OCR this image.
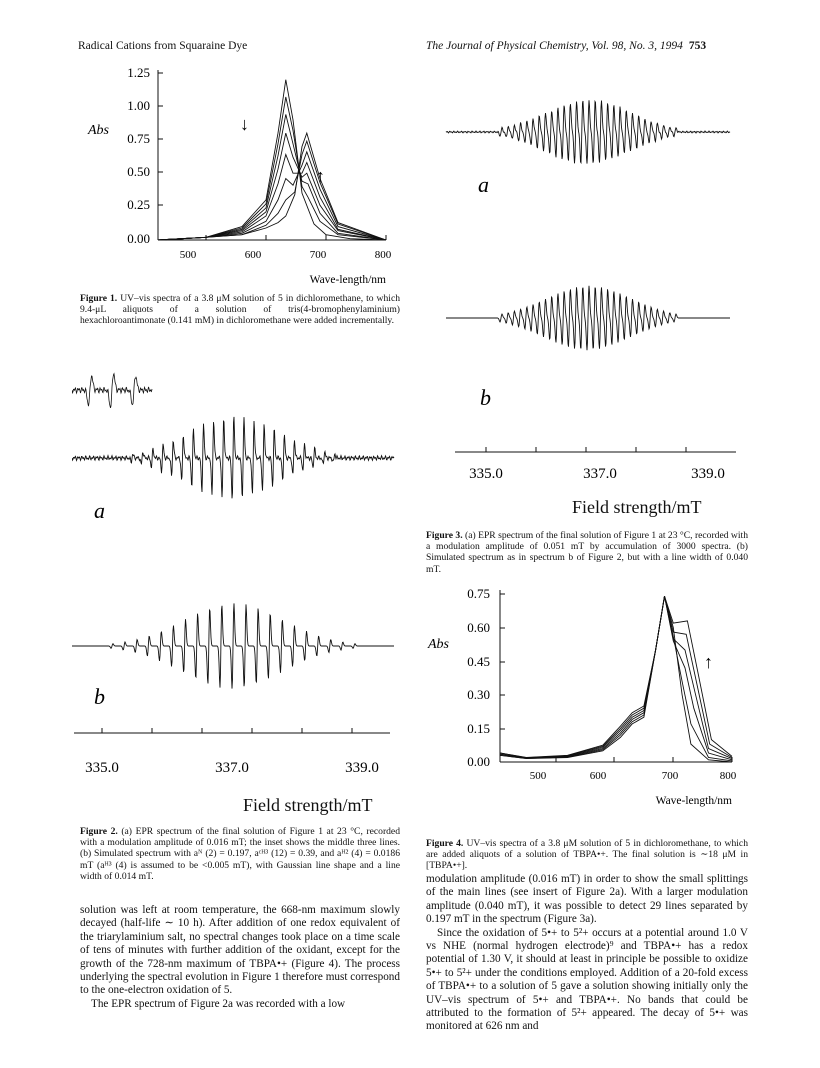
Radical Cations from Squaraine Dye	The Journal of Physical Chemistry, Vol. 98, No. 3, 1994 753
Abs
1.25
1.00
0.75
0.50
0.25
0.00
500	600	700	800
↓
↑
Wave-length/nm
Figure 1. UV–vis spectra of a 3.8 μM solution of 5 in dichloromethane, to which 9.4-μL aliquots of a solution of tris(4-bromophenylaminium) hexachloroantimonate (0.141 mM) in dichloromethane were added incrementally.
a
b
335.0	337.0	339.0
Field strength/mT
Figure 2. (a) EPR spectrum of the final solution of Figure 1 at 23 °C, recorded with a modulation amplitude of 0.016 mT; the inset shows the middle three lines. (b) Simulated spectrum with aᴺ (2) = 0.197, aᶜᴴ³ (12) = 0.39, and aᴴ² (4) = 0.0186 mT (aᴴ³ (4) is assumed to be <0.005 mT), with Gaussian line shape and a line width of 0.014 mT.

solution was left at room temperature, the 668-nm maximum slowly decayed (half-life ∼ 10 h). After addition of one redox equivalent of the triarylaminium salt, no spectral changes took place on a time scale of tens of minutes with further addition of the oxidant, except for the growth of the 728-nm maximum of TBPA•+ (Figure 4). The process underlying the spectral evolution in Figure 1 therefore must correspond to the one-electron oxidation of 5.

The EPR spectrum of Figure 2a was recorded with a low

a
b
335.0	337.0	339.0
Field strength/mT
Figure 3. (a) EPR spectrum of the final solution of Figure 1 at 23 °C, recorded with a modulation amplitude of 0.051 mT by accumulation of 3000 spectra. (b) Simulated spectrum as in spectrum b of Figure 2, but with a line width of 0.040 mT.
Abs
0.75
0.60
0.45
0.30
0.15
0.00
500	600	700	800
↑
Wave-length/nm
Figure 4. UV–vis spectra of a 3.8 μM solution of 5 in dichloromethane, to which are added aliquots of a solution of TBPA•+. The final solution is ∼18 μM in [TBPA•+].

modulation amplitude (0.016 mT) in order to show the small splittings of the main lines (see insert of Figure 2a). With a larger modulation amplitude (0.040 mT), it was possible to detect 29 lines separated by 0.197 mT in the spectrum (Figure 3a).

Since the oxidation of 5•+ to 5²+ occurs at a potential around 1.0 V vs NHE (normal hydrogen electrode)⁹ and TBPA•+ has a redox potential of 1.30 V, it should at least in principle be possible to oxidize 5•+ to 5²+ under the conditions employed. Addition of a 20-fold excess of TBPA•+ to a solution of 5 gave a solution showing initially only the UV–vis spectrum of 5•+ and TBPA•+. No bands that could be attributed to the formation of 5²+ appeared. The decay of 5•+ was monitored at 626 nm and
